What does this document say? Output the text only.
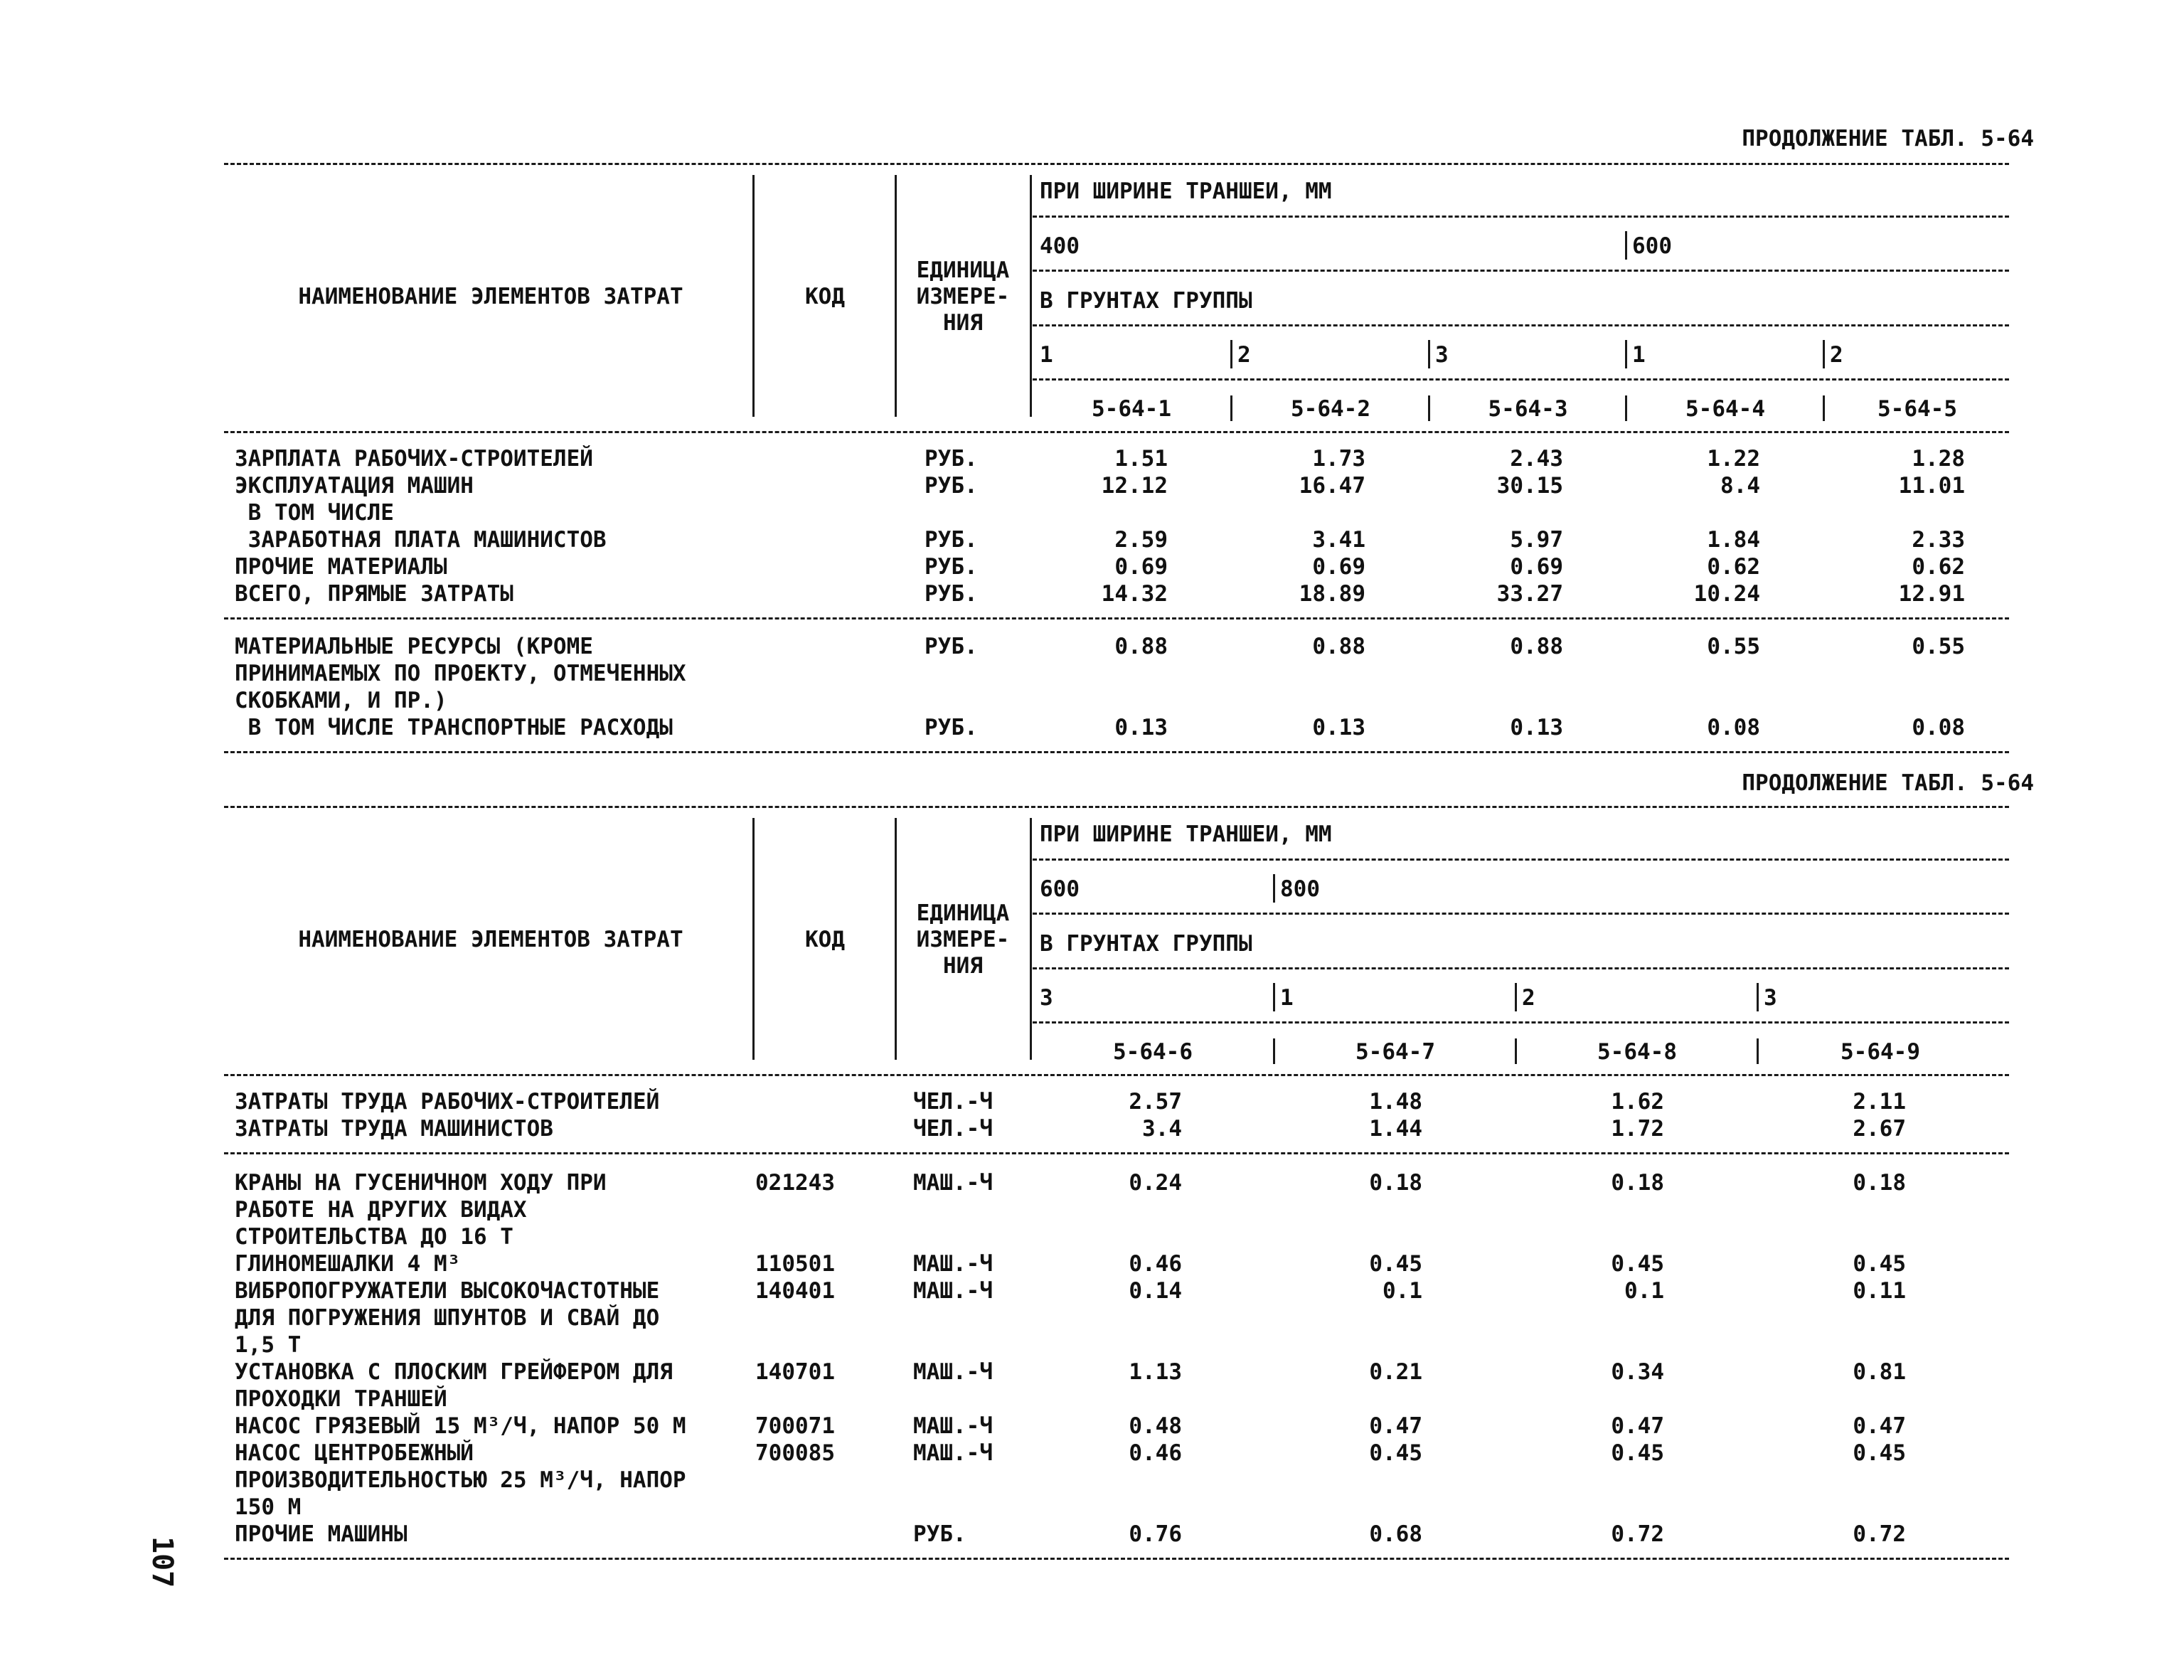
ПРОДОЛЖЕНИЕ ТАБЛ. 5-64
НАИМЕНОВАНИЕ ЭЛЕМЕНТОВ ЗАТРАТ	КОД
ЕДИНИЦА
ИЗМЕРЕ-
НИЯ
ПРИ ШИРИНЕ ТРАНШЕИ, ММ
400	600
В ГРУНТАХ ГРУППЫ
1	2	3	1	2
5-64-1	5-64-2	5-64-3	5-64-4	5-64-5
ЗАРПЛАТА РАБОЧИХ-СТРОИТЕЛЕЙ	РУБ.	1.51	1.73	2.43	1.22	1.28
ЭКСПЛУАТАЦИЯ МАШИН	РУБ.	12.12	16.47	30.15	8.4	11.01
В ТОМ ЧИСЛЕ
ЗАРАБОТНАЯ ПЛАТА МАШИНИСТОВ	РУБ.	2.59	3.41	5.97	1.84	2.33
ПРОЧИЕ МАТЕРИАЛЫ	РУБ.	0.69	0.69	0.69	0.62	0.62
ВСЕГО, ПРЯМЫЕ ЗАТРАТЫ	РУБ.	14.32	18.89	33.27	10.24	12.91
МАТЕРИАЛЬНЫЕ РЕСУРСЫ (КРОМЕ	РУБ.	0.88	0.88	0.88	0.55	0.55
ПРИНИМАЕМЫХ ПО ПРОЕКТУ, ОТМЕЧЕННЫХ
СКОБКАМИ, И ПР.)
В ТОМ ЧИСЛЕ ТРАНСПОРТНЫЕ РАСХОДЫ	РУБ.	0.13	0.13	0.13	0.08	0.08
ПРОДОЛЖЕНИЕ ТАБЛ. 5-64
НАИМЕНОВАНИЕ ЭЛЕМЕНТОВ ЗАТРАТ	КОД
ЕДИНИЦА
ИЗМЕРЕ-
НИЯ
ПРИ ШИРИНЕ ТРАНШЕИ, ММ
600	800
В ГРУНТАХ ГРУППЫ
3	1	2	3
5-64-6	5-64-7	5-64-8	5-64-9
ЗАТРАТЫ ТРУДА РАБОЧИХ-СТРОИТЕЛЕЙ	ЧЕЛ.-Ч	2.57	1.48	1.62	2.11
ЗАТРАТЫ ТРУДА МАШИНИСТОВ	ЧЕЛ.-Ч	3.4	1.44	1.72	2.67
КРАНЫ НА ГУСЕНИЧНОМ ХОДУ ПРИ	021243	МАШ.-Ч	0.24	0.18	0.18	0.18
РАБОТЕ НА ДРУГИХ ВИДАХ
СТРОИТЕЛЬСТВА ДО 16 Т
ГЛИНОМЕШАЛКИ 4 М³	110501	МАШ.-Ч	0.46	0.45	0.45	0.45
ВИБРОПОГРУЖАТЕЛИ ВЫСОКОЧАСТОТНЫЕ	140401	МАШ.-Ч	0.14	0.1	0.1	0.11
ДЛЯ ПОГРУЖЕНИЯ ШПУНТОВ И СВАЙ ДО
1,5 Т
УСТАНОВКА С ПЛОСКИМ ГРЕЙФЕРОМ ДЛЯ	140701	МАШ.-Ч	1.13	0.21	0.34	0.81
ПРОХОДКИ ТРАНШЕЙ
НАСОС ГРЯЗЕВЫЙ 15 М³/Ч, НАПОР 50 М	700071	МАШ.-Ч	0.48	0.47	0.47	0.47
НАСОС ЦЕНТРОБЕЖНЫЙ	700085	МАШ.-Ч	0.46	0.45	0.45	0.45
ПРОИЗВОДИТЕЛЬНОСТЬЮ 25 М³/Ч, НАПОР
150 М
ПРОЧИЕ МАШИНЫ	РУБ.	0.76	0.68	0.72	0.72
107
